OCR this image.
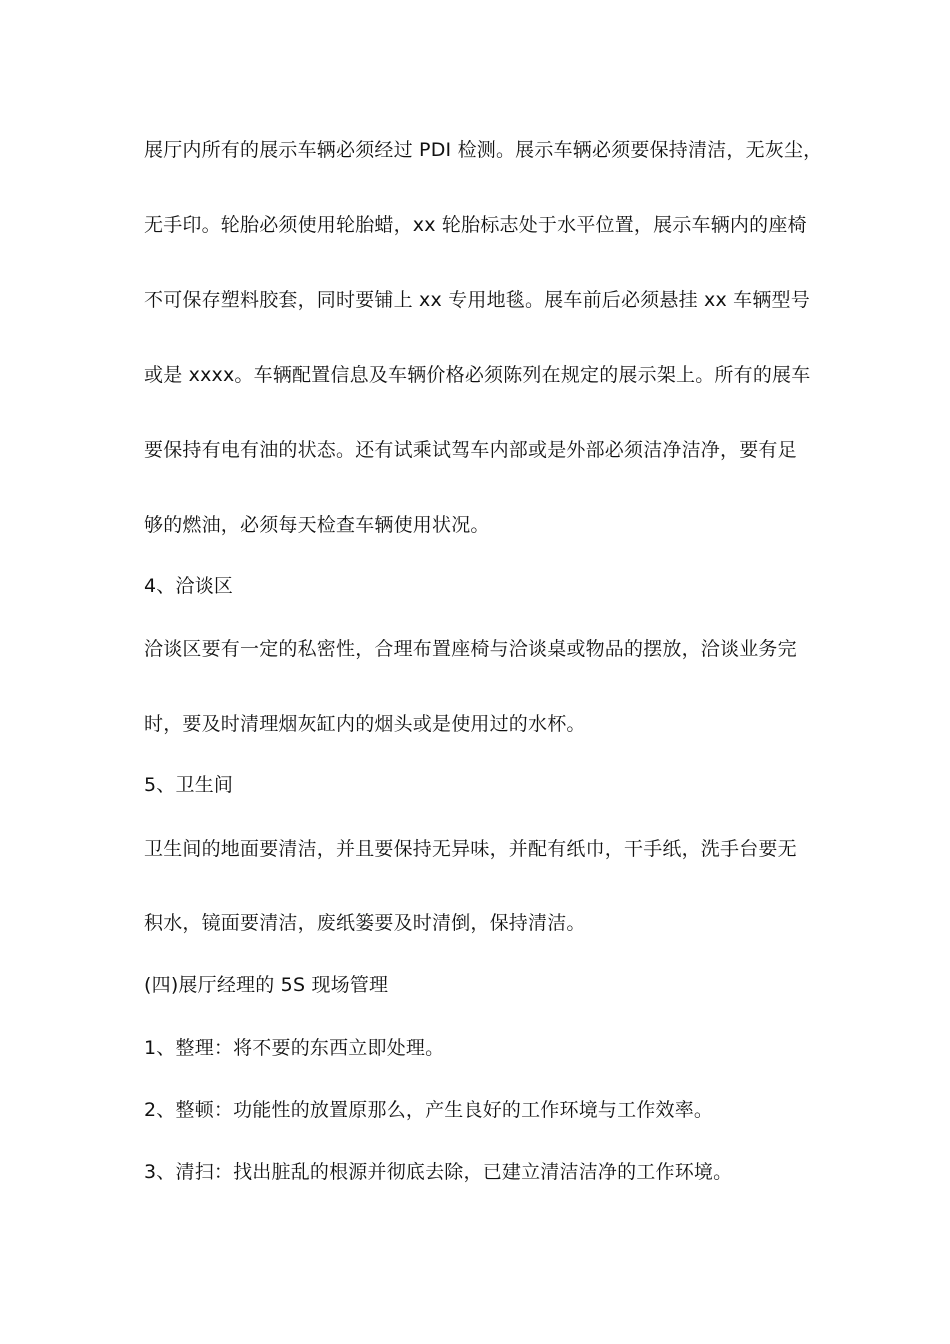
展厅内所有的展示车辆必须经过 PDI 检测。展示车辆必须要保持清洁，无灰尘，
无手印。轮胎必须使用轮胎蜡，xx 轮胎标志处于水平位置，展示车辆内的座椅
不可保存塑料胶套，同时要铺上 xx 专用地毯。展车前后必须悬挂 xx 车辆型号
或是 xxxx。车辆配置信息及车辆价格必须陈列在规定的展示架上。所有的展车
要保持有电有油的状态。还有试乘试驾车内部或是外部必须洁净洁净，要有足
够的燃油，必须每天检查车辆使用状况。
4、洽谈区
洽谈区要有一定的私密性，合理布置座椅与洽谈桌或物品的摆放，洽谈业务完
时，要及时清理烟灰缸内的烟头或是使用过的水杯。
5、卫生间
卫生间的地面要清洁，并且要保持无异味，并配有纸巾，干手纸，洗手台要无
积水，镜面要清洁，废纸篓要及时清倒，保持清洁。
(四)展厅经理的 5S 现场管理
1、整理：将不要的东西立即处理。
2、整顿：功能性的放置原那么，产生良好的工作环境与工作效率。
3、清扫：找出脏乱的根源并彻底去除，已建立清洁洁净的工作环境。
